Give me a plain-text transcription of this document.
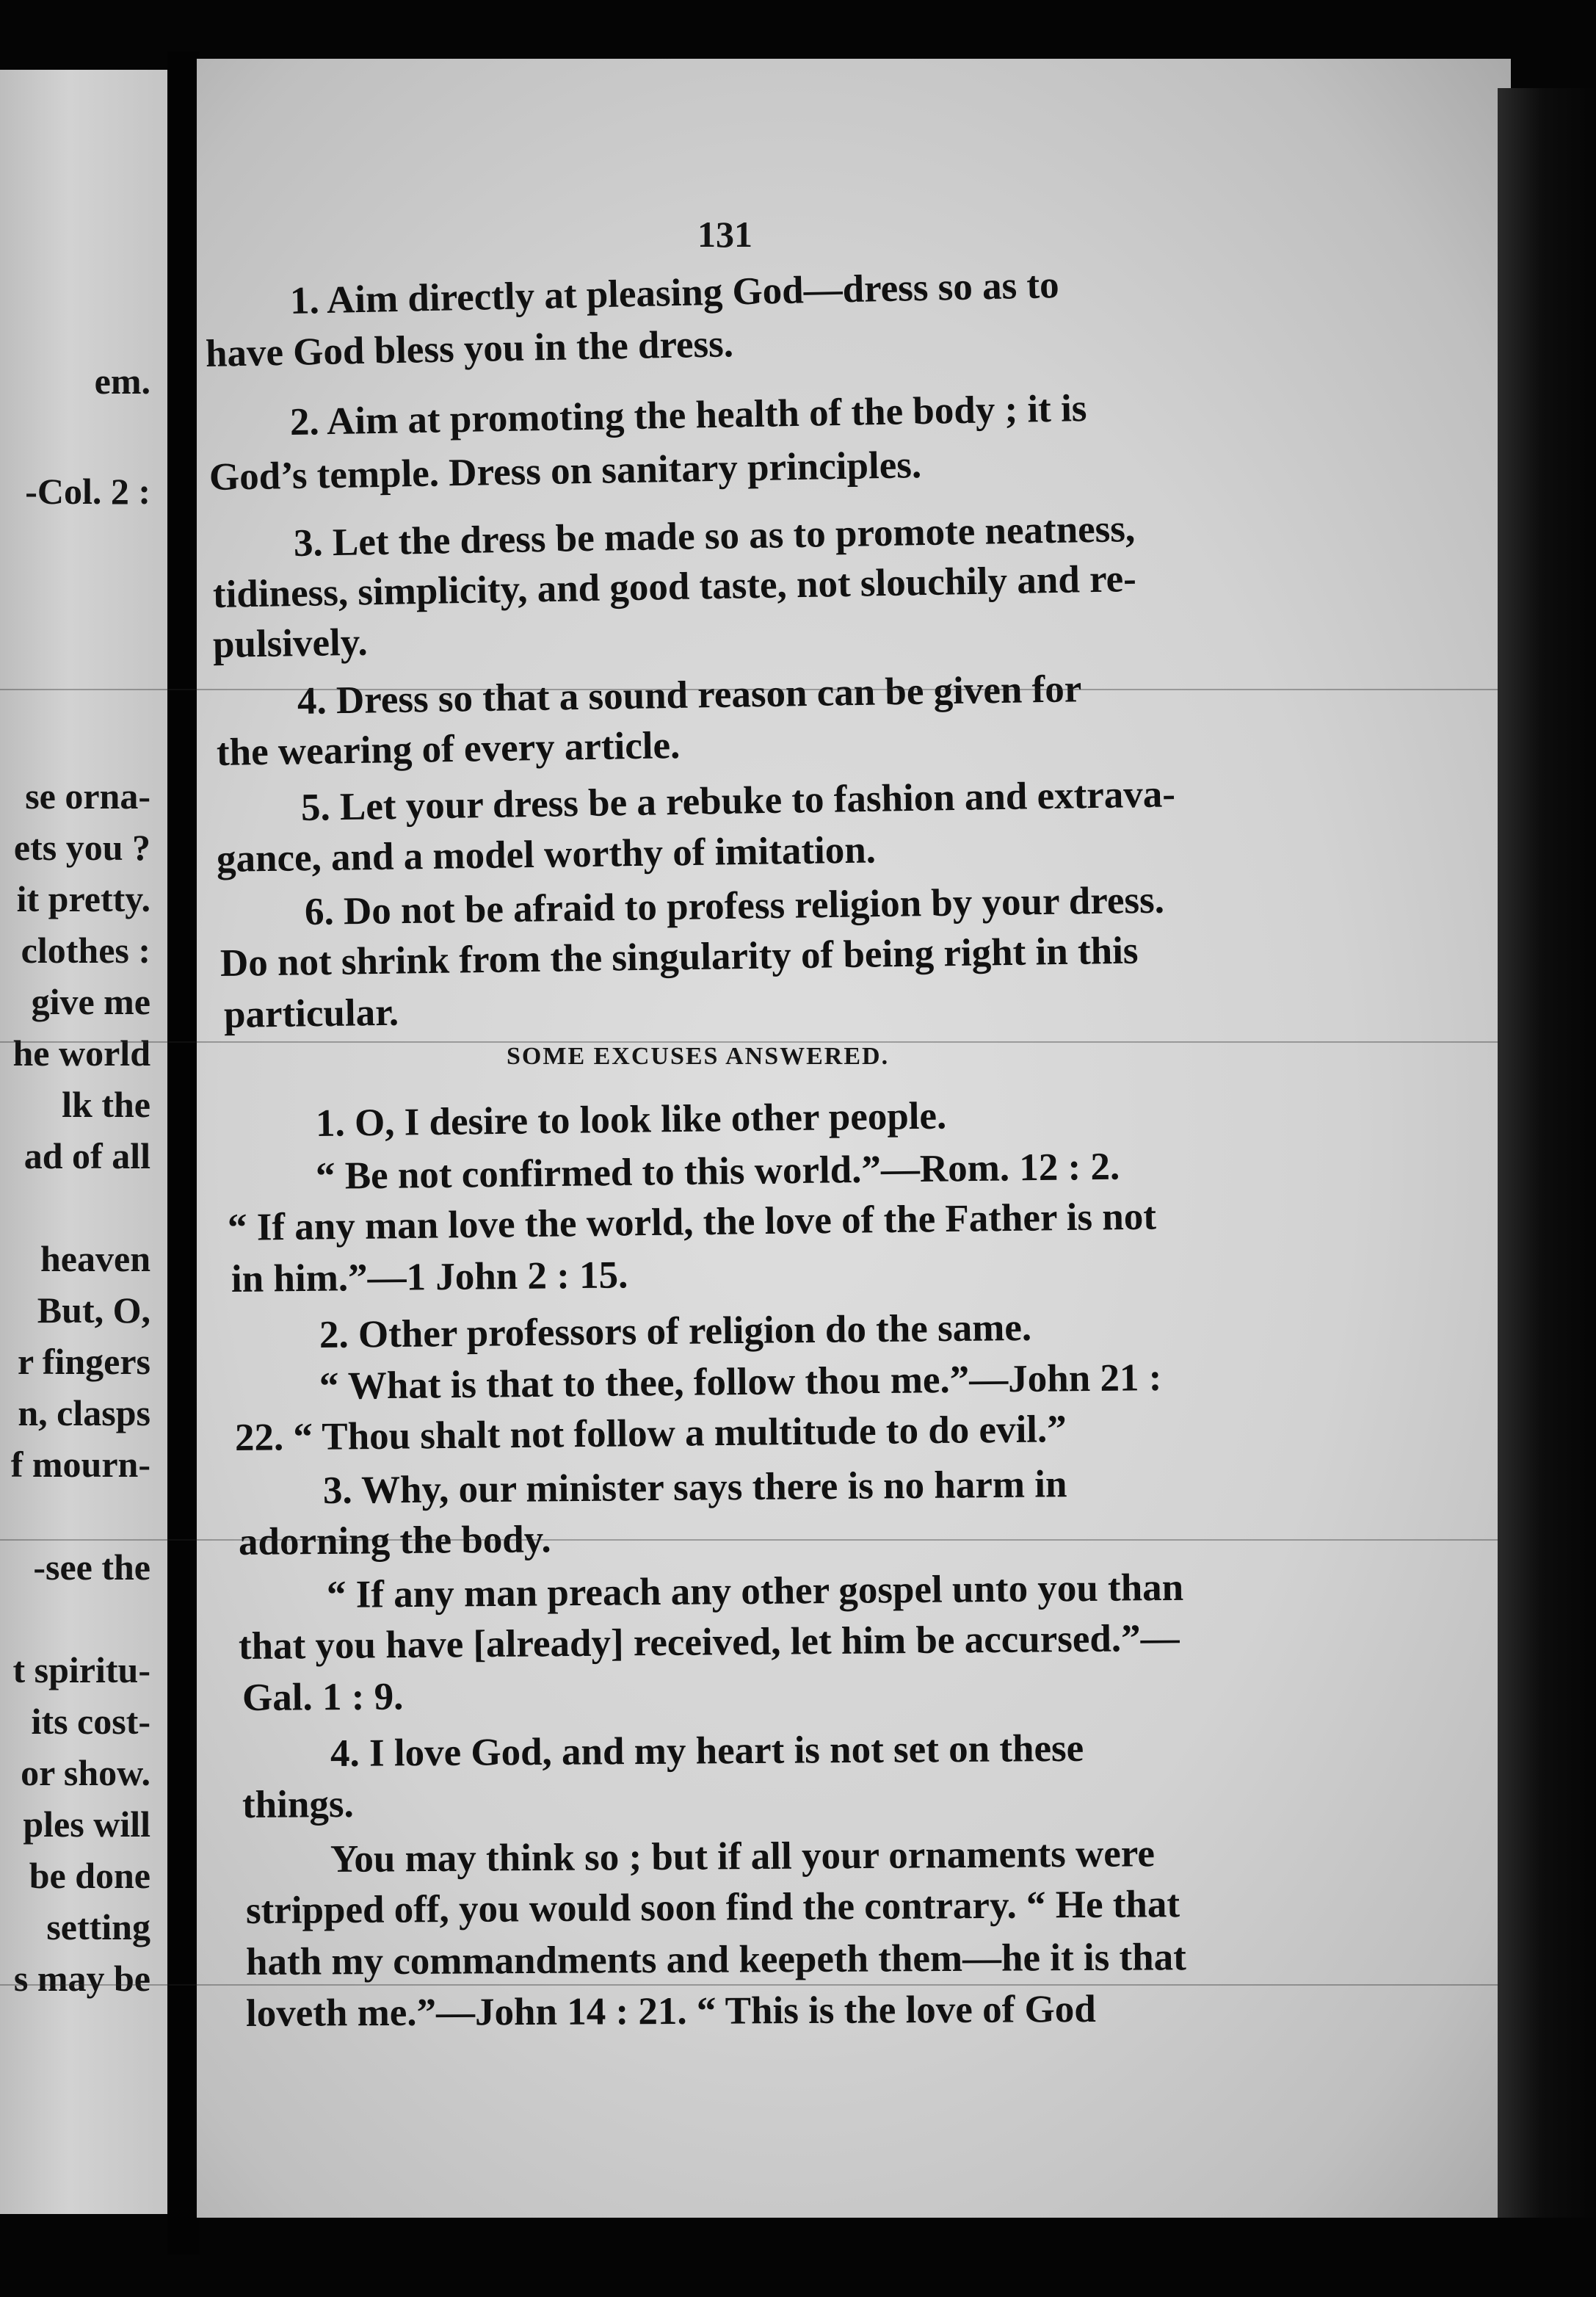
em.
-Col. 2 :
se orna-
ets you ?
it pretty.
clothes :
give me
he world
lk the
ad of all
heaven
But, O,
r fingers
n, clasps
f mourn-
-see the
t spiritu-
its cost-
or show.
ples will
be done
setting
s may be
131
1. Aim directly at pleasing God—dress so as to
have God bless you in the dress.
2. Aim at promoting the health of the body ; it is
God’s temple. Dress on sanitary principles.
3. Let the dress be made so as to promote neatness,
tidiness, simplicity, and good taste, not slouchily and re-
pulsively.
4. Dress so that a sound reason can be given for
the wearing of every article.
5. Let your dress be a rebuke to fashion and extrava-
gance, and a model worthy of imitation.
6. Do not be afraid to profess religion by your dress.
Do not shrink from the singularity of being right in this
particular.
1. O, I desire to look like other people.
“ Be not confirmed to this world.”—Rom. 12 : 2.
“ If any man love the world, the love of the Father is not
in him.”—1 John 2 : 15.
2. Other professors of religion do the same.
“ What is that to thee, follow thou me.”—John 21 :
22. “ Thou shalt not follow a multitude to do evil.”
3. Why, our minister says there is no harm in
adorning the body.
“ If any man preach any other gospel unto you than
that you have [already] received, let him be accursed.”—
Gal. 1 : 9.
4. I love God, and my heart is not set on these
things.
You may think so ; but if all your ornaments were
stripped off, you would soon find the contrary. “ He that
hath my commandments and keepeth them—he it is that
loveth me.”—John 14 : 21. “ This is the love of God
SOME EXCUSES ANSWERED.
